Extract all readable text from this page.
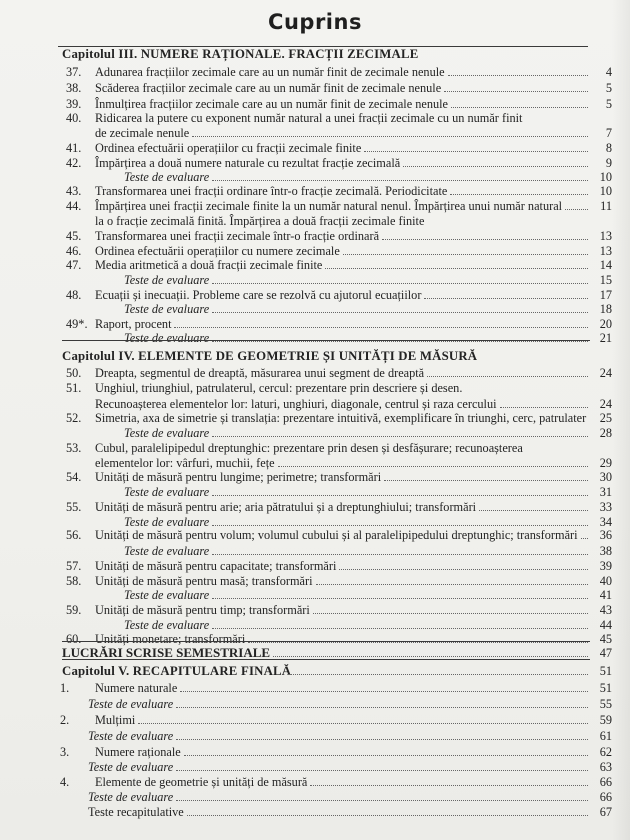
Cuprins
Capitolul III. NUMERE RAȚIONALE. FRACȚII ZECIMALE
37. Adunarea fracțiilor zecimale care au un număr finit de zecimale nenule	4
38. Scăderea fracțiilor zecimale care au un număr finit de zecimale nenule	5
39. Înmulțirea fracțiilor zecimale care au un număr finit de zecimale nenule	5
40. Ridicarea la putere cu exponent număr natural a unei fracții zecimale cu un număr finit
de zecimale nenule	7
41. Ordinea efectuării operațiilor cu fracții zecimale finite	8
42. Împărțirea a două numere naturale cu rezultat fracție zecimală	9
Teste de evaluare	10
43. Transformarea unei fracții ordinare într-o fracție zecimală. Periodicitate	10
44. Împărțirea unei fracții zecimale finite la un număr natural nenul. Împărțirea unui număr natural	11
la o fracție zecimală finită. Împărțirea a două fracții zecimale finite
45. Transformarea unei fracții zecimale într-o fracție ordinară	13
46. Ordinea efectuării operațiilor cu numere zecimale	13
47. Media aritmetică a două fracții zecimale finite	14
Teste de evaluare	15
48. Ecuații și inecuații. Probleme care se rezolvă cu ajutorul ecuațiilor	17
Teste de evaluare	18
49*. Raport, procent	20
Teste de evaluare	21
Capitolul IV. ELEMENTE DE GEOMETRIE ȘI UNITĂȚI DE MĂSURĂ
50. Dreapta, segmentul de dreaptă, măsurarea unui segment de dreaptă	24
51. Unghiul, triunghiul, patrulaterul, cercul: prezentare prin descriere și desen.
Recunoașterea elementelor lor: laturi, unghiuri, diagonale, centrul și raza cercului	24
52. Simetria, axa de simetrie și translația: prezentare intuitivă, exemplificare în triunghi, cerc, patrulater	25
Teste de evaluare	28
53. Cubul, paralelipipedul dreptunghic: prezentare prin desen și desfășurare; recunoașterea
elementelor lor: vârfuri, muchii, fețe	29
54. Unități de măsură pentru lungime; perimetre; transformări	30
Teste de evaluare	31
55. Unități de măsură pentru arie; aria pătratului și a dreptunghiului; transformări	33
Teste de evaluare	34
56. Unități de măsură pentru volum; volumul cubului și al paralelipipedului dreptunghic; transformări	36
Teste de evaluare	38
57. Unități de măsură pentru capacitate; transformări	39
58. Unități de măsură pentru masă; transformări	40
Teste de evaluare	41
59. Unități de măsură pentru timp; transformări	43
Teste de evaluare	44
60. Unități monetare; transformări	45
LUCRĂRI SCRISE SEMESTRIALE	47
Capitolul V. RECAPITULARE FINALĂ	51
1. Numere naturale	51
Teste de evaluare	55
2. Mulțimi	59
Teste de evaluare	61
3. Numere raționale	62
Teste de evaluare	63
4. Elemente de geometrie și unități de măsură	66
Teste de evaluare	66
Teste recapitulative	67
